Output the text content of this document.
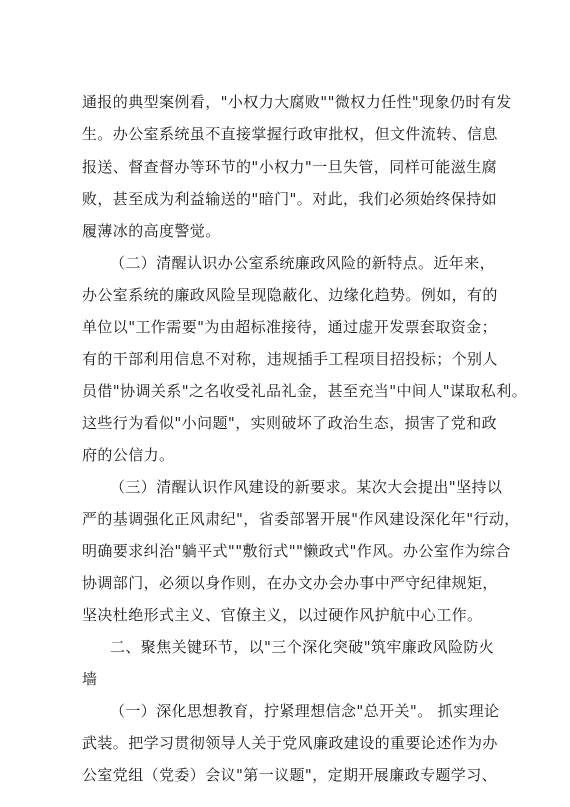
通报的典型案例看，"小权力大腐败""微权力任性"现象仍时有发
生。办公室系统虽不直接掌握行政审批权，但文件流转、信息
报送、督查督办等环节的"小权力"一旦失管，同样可能滋生腐
败，甚至成为利益输送的"暗门"。对此，我们必须始终保持如
履薄冰的高度警觉。
（二）清醒认识办公室系统廉政风险的新特点。近年来，
办公室系统的廉政风险呈现隐蔽化、边缘化趋势。例如，有的
单位以"工作需要"为由超标准接待，通过虚开发票套取资金；
有的干部利用信息不对称，违规插手工程项目招投标；个别人
员借"协调关系"之名收受礼品礼金，甚至充当"中间人"谋取私利。
这些行为看似"小问题"，实则破坏了政治生态，损害了党和政
府的公信力。
（三）清醒认识作风建设的新要求。某次大会提出"坚持以
严的基调强化正风肃纪"，省委部署开展"作风建设深化年"行动，
明确要求纠治"躺平式""敷衍式""懒政式"作风。办公室作为综合
协调部门，必须以身作则，在办文办会办事中严守纪律规矩，
坚决杜绝形式主义、官僚主义，以过硬作风护航中心工作。
二、聚焦关键环节，以"三个深化突破"筑牢廉政风险防火
墙
（一）深化思想教育，拧紧理想信念"总开关"。 抓实理论
武装。把学习贯彻领导人关于党风廉政建设的重要论述作为办
公室党组（党委）会议"第一议题"，定期开展廉政专题学习、
